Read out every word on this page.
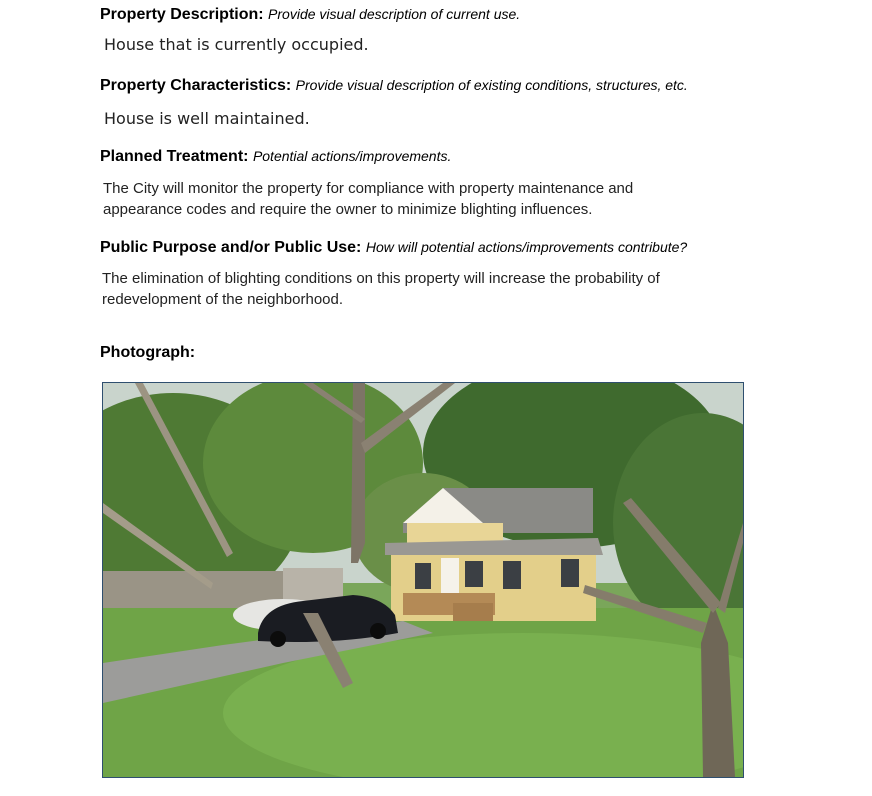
Property Description: Provide visual description of current use.
House that is currently occupied.
Property Characteristics: Provide visual description of existing conditions, structures, etc.
House is well maintained.
Planned Treatment: Potential actions/improvements.
The City will monitor the property for compliance with property maintenance and
appearance codes and require the owner to minimize blighting influences.
Public Purpose and/or Public Use: How will potential actions/improvements contribute?
The elimination of blighting conditions on this property will increase the probability of
redevelopment of the neighborhood.
Photograph:
